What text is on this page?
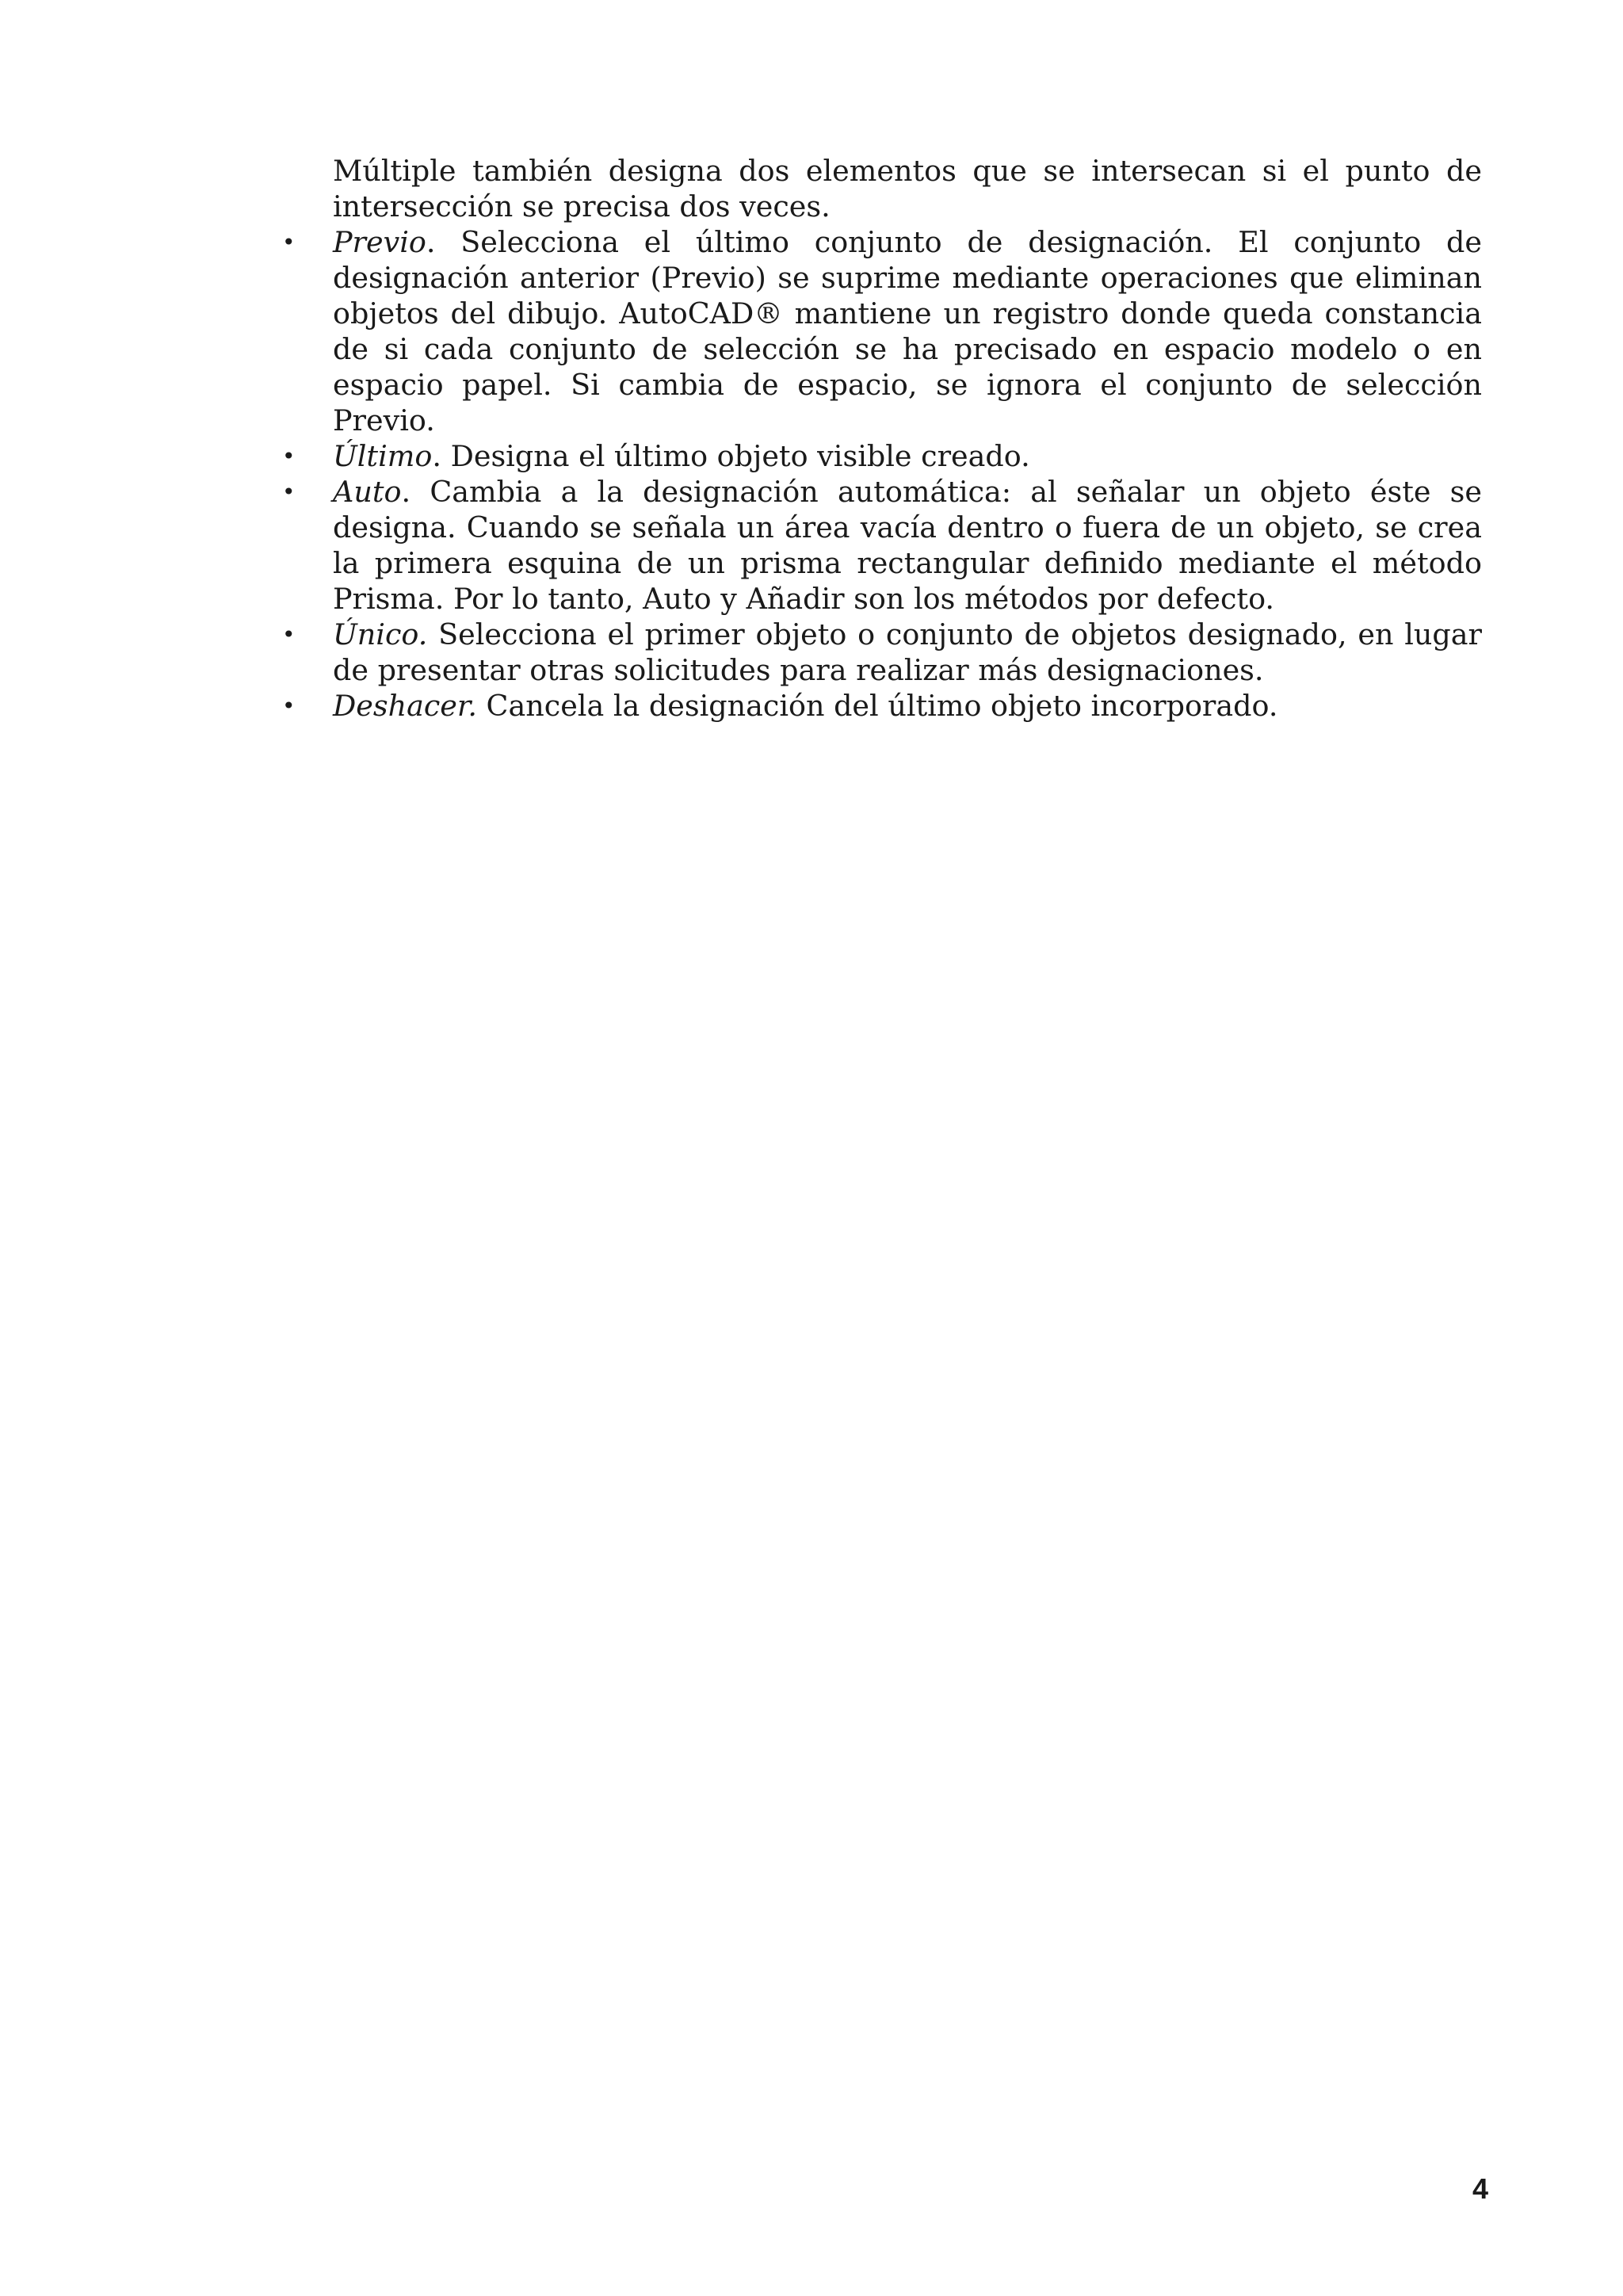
Múltiple también designa dos elementos que se intersecan si el punto de intersección se precisa dos veces.

• Previo. Selecciona el último conjunto de designación. El conjunto de designación anterior (Previo) se suprime mediante operaciones que eliminan objetos del dibujo. AutoCAD® mantiene un registro donde queda constancia de si cada conjunto de selección se ha precisado en espacio modelo o en espacio papel. Si cambia de espacio, se ignora el conjunto de selección Previo.
• Último. Designa el último objeto visible creado.
• Auto. Cambia a la designación automática: al señalar un objeto éste se designa. Cuando se señala un área vacía dentro o fuera de un objeto, se crea la primera esquina de un prisma rectangular definido mediante el método Prisma. Por lo tanto, Auto y Añadir son los métodos por defecto.
• Único. Selecciona el primer objeto o conjunto de objetos designado, en lugar de presentar otras solicitudes para realizar más designaciones.
• Deshacer. Cancela la designación del último objeto incorporado.
4
